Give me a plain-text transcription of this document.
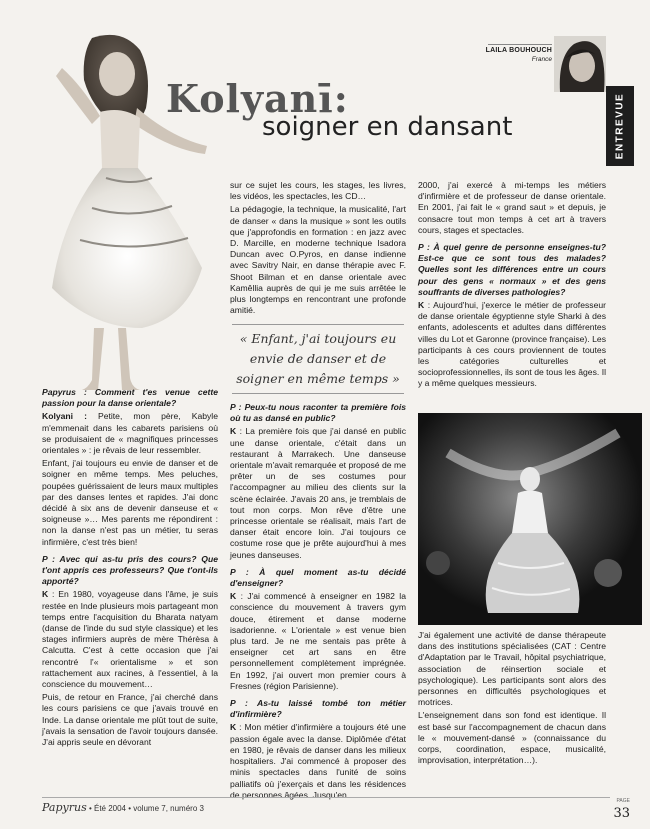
LAILA BOUHOUCH
France
Kolyanī:
soigner en dansant	ENTREVUE

Papyrus : Comment t'es venue cette passion pour la danse orientale?

Kolyani : Petite, mon père, Kabyle m'emmenait dans les cabarets parisiens où se produisaient de « magnifiques princesses orientales » : je rêvais de leur ressembler.

Enfant, j'ai toujours eu envie de danser et de soigner en même temps. Mes peluches, poupées guérissaient de leurs maux multiples par des danses lentes et rapides. J'ai donc décidé à six ans de devenir danseuse et « soigneuse »… Mes parents me répondirent : non la danse n'est pas un métier, tu seras infirmière, c'est très bien!

P : Avec qui as-tu pris des cours? Que t'ont appris ces professeurs? Que t'ont-ils apporté?

K : En 1980, voyageuse dans l'âme, je suis restée en Inde plusieurs mois partageant mon temps entre l'acquisition du Bharata natyam (danse de l'inde du sud style classique) et les stages infirmiers auprès de mère Thérèsa à Calcutta. C'est à cette occasion que j'ai rencontré l'« orientalisme » et son rattachement aux racines, à l'essentiel, à la conscience du mouvement…

Puis, de retour en France, j'ai cherché dans les cours parisiens ce que j'avais trouvé en Inde. La danse orientale me plût tout de suite, j'avais la sensation de l'avoir toujours dansée. J'ai appris seule en dévorant

sur ce sujet les cours, les stages, les livres, les vidéos, les spectacles, les CD…

La pédagogie, la technique, la musicalité, l'art de danser « dans la musique » sont les outils que j'approfondis en formation : en jazz avec D. Marcille, en moderne technique Isadora Duncan avec O.Pyros, en danse indienne avec Savitry Nair, en danse thérapie avec F. Shoot Bilman et en danse orientale avec Kamêllia auprès de qui je me suis arrêtée le plus longtemps en rencontrant une profonde amitié.

« Enfant, j'ai toujours eu envie de danser et de soigner en même temps »

P : Peux-tu nous raconter ta première fois où tu as dansé en public?

K : La première fois que j'ai dansé en public une danse orientale, c'était dans un restaurant à Marrakech. Une danseuse orientale m'avait remarquée et proposé de me prêter un de ses costumes pour l'accompagner au milieu des clients sur la scène éclairée. J'avais 20 ans, je tremblais de tout mon corps. Mon rêve d'être une princesse orientale se réalisait, mais l'art de danser était encore loin. J'ai toujours ce costume rose que je prête aujourd'hui à mes jeunes danseuses.

P : À quel moment as-tu décidé d'enseigner?

K : J'ai commencé à enseigner en 1982 la conscience du mouvement à travers gym douce, étirement et danse moderne isadorienne. « L'orientale » est venue bien plus tard. Je ne me sentais pas prête à enseigner cet art sans en être personnellement complètement imprégnée. En 1992, j'ai ouvert mon premier cours à Fresnes (région Parisienne).

P : As-tu laissé tombé ton métier d'infirmière?

K : Mon métier d'infirmière a toujours été une passion égale avec la danse. Diplômée d'état en 1980, je rêvais de danser dans les milieux hospitaliers. J'ai commencé à proposer des minis spectacles dans l'unité de soins palliatifs où j'exerçais et dans les résidences de personnes âgées. Jusqu'en

2000, j'ai exercé à mi-temps les métiers d'infirmière et de professeur de danse orientale. En 2001, j'ai fait le « grand saut » et depuis, je consacre tout mon temps à cet art à travers cours, stages et spectacles.

P : À quel genre de personne enseignes-tu? Est-ce que ce sont tous des malades? Quelles sont les différences entre un cours pour des gens « normaux » et des gens souffrants de diverses pathologies?

K : Aujourd'hui, j'exerce le métier de professeur de danse orientale égyptienne style Sharki à des enfants, adolescents et adultes dans différentes villes du Lot et Garonne (province française). Les participants à ces cours proviennent de toutes les catégories culturelles et socioprofessionnelles, ils sont de tous les âges. Il y a même quelques messieurs.

J'ai également une activité de danse thérapeute dans des institutions spécialisées (CAT : Centre d'Adaptation par le Travail, hôpital psychiatrique, association de réinsertion sociale et psychologique). Les participants sont alors des personnes en difficultés psychologiques et motrices.

L'enseignement dans son fond est identique. Il est basé sur l'accompagnement de chacun dans le « mouvement-dansé » (connaissance du corps, coordination, espace, musicalité, improvisation, interprétation…).

Papyrus • Été 2004 • volume 7, numéro 3
PAGE
33
